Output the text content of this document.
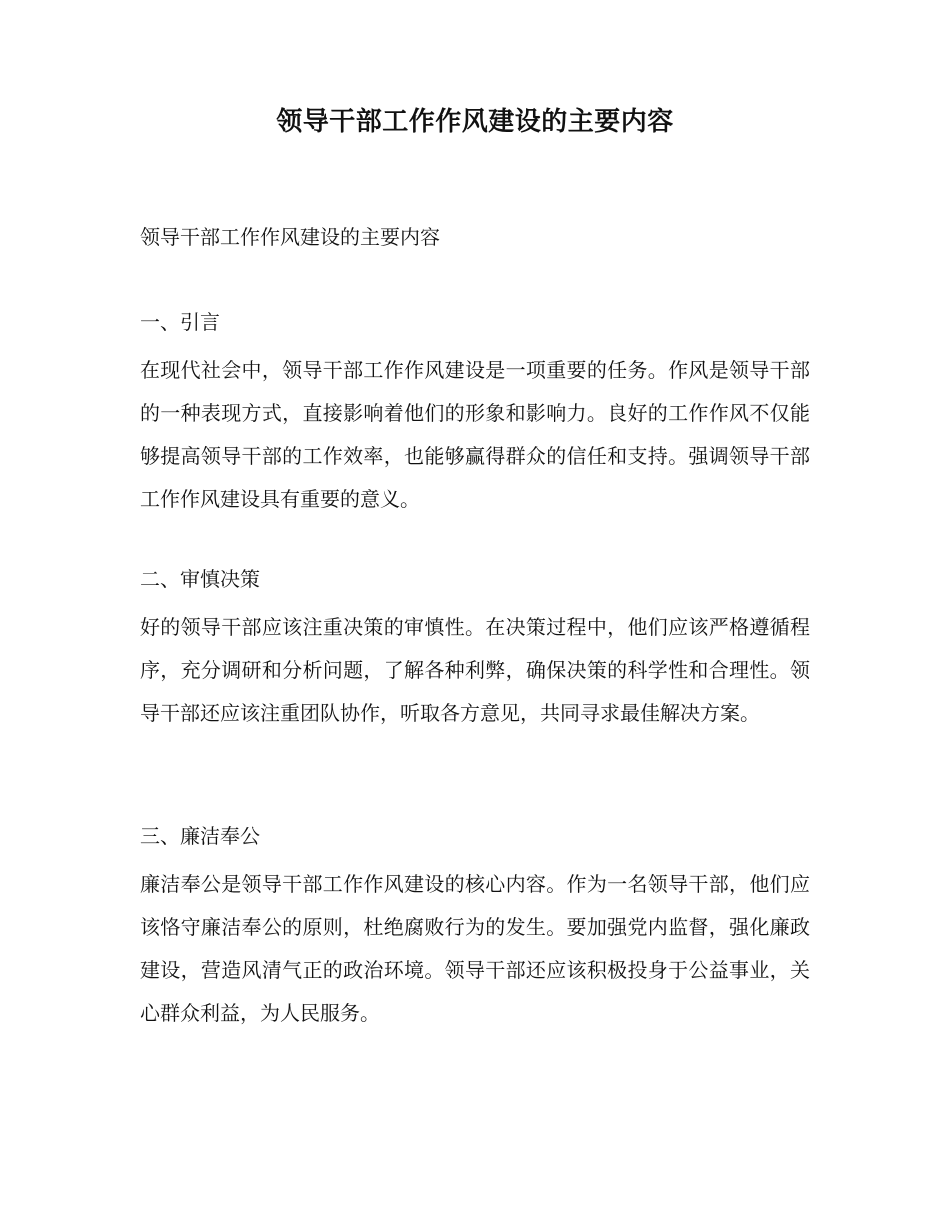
领导干部工作作风建设的主要内容
领导干部工作作风建设的主要内容
一、引言

在现代社会中，领导干部工作作风建设是一项重要的任务。作风是领导干部的一种表现方式，直接影响着他们的形象和影响力。良好的工作作风不仅能够提高领导干部的工作效率，也能够赢得群众的信任和支持。强调领导干部工作作风建设具有重要的意义。

二、审慎决策

好的领导干部应该注重决策的审慎性。在决策过程中，他们应该严格遵循程序，充分调研和分析问题，了解各种利弊，确保决策的科学性和合理性。领导干部还应该注重团队协作，听取各方意见，共同寻求最佳解决方案。

三、廉洁奉公

廉洁奉公是领导干部工作作风建设的核心内容。作为一名领导干部，他们应该恪守廉洁奉公的原则，杜绝腐败行为的发生。要加强党内监督，强化廉政建设，营造风清气正的政治环境。领导干部还应该积极投身于公益事业，关心群众利益，为人民服务。
